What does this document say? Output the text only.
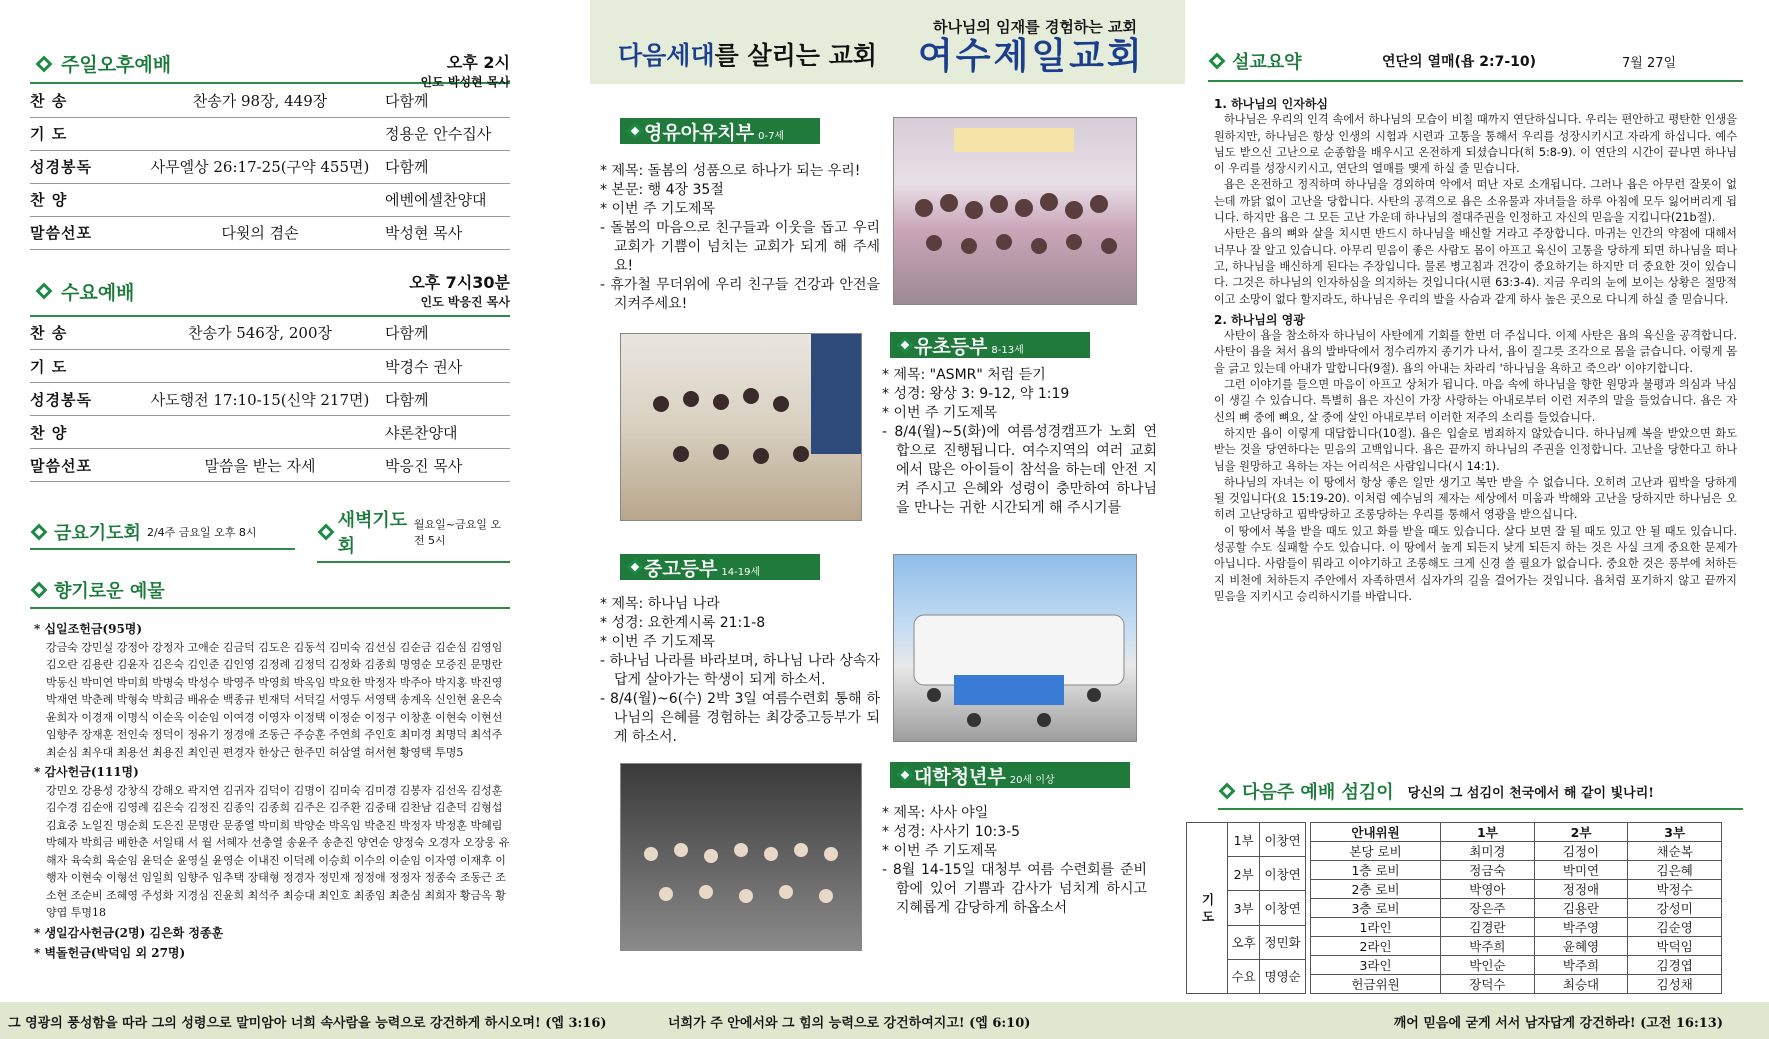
주일오후예배	오후 2시
인도 박성현 목사
찬 송	찬송가 98장, 449장	다함께
기 도		정용운 안수집사
성경봉독	사무엘상 26:17-25(구약 455면)	다함께
찬 양		에벤에셀찬양대
말씀선포	다윗의 겸손	박성현 목사
수요예배	오후 7시30분
인도 박응진 목사
찬 송	찬송가 546장, 200장	다함께
기 도		박경수 권사
성경봉독	사도행전 17:10-15(신약 217면)	다함께
찬 양		샤론찬양대
말씀선포	말씀을 받는 자세	박응진 목사
금요기도회 2/4주 금요일 오후 8시
새벽기도회
월요일~금요일 오전 5시
향기로운 예물
* 십일조헌금(95명)
강금숙 강민실 강정아 강정자 고애순 김금덕 김도은 김동석 김미숙 김선심 김순금 김순심 김영임 김오란 김용란 김윤자 김은숙 김인준 김인영 김정례 김정덕 김정화 김종희 명영순 모증진 문명란 박동신 박미연 박미희 박병숙 박성수 박영주 박영희 박옥임 박요한 박정자 박주아 박지홍 박진영 박재연 박춘례 박형숙 박희금 배유순 백종규 빈재덕 서덕길 서영두 서영택 송계옥 신인현 윤은숙 윤희자 이경재 이명식 이순옥 이순임 이여경 이영자 이정택 이정순 이정구 이창훈 이현숙 이현선 임향주 장재훈 전인숙 정덕이 정유기 정경애 조동근 주승훈 주연희 주인호 최미경 최명덕 최석주 최순심 최우대 최용선 최용진 최인권 편경자 한상근 한주민 허삼열 허서현 황영택 투명5
* 감사헌금(111명)
강민오 강용성 강창식 강해오 곽지연 김귀자 김덕이 김명이 김미숙 김미경 김봉자 김선옥 김성훈 김수경 김순애 김영례 김은숙 김정진 김종익 김종희 김주은 김주환 김중태 김찬남 김춘덕 김형섭 김효중 노일진 명순희 도은진 문명란 문종열 박미희 박양순 박옥임 박춘진 박정자 박정훈 박혜림 박혜자 박희금 배한춘 서일태 서 월 서혜자 선충열 송윤주 송춘진 양연순 양정숙 오경자 오장웅 유해자 육숙희 육순임 윤덕순 윤영실 윤영순 이내진 이덕례 이승희 이수의 이순임 이자영 이재후 이행자 이현숙 이형선 임일희 임향주 임추택 장태형 정경자 정민재 정정애 정정자 정종숙 조동근 조소현 조순비 조혜영 주성화 지경심 진윤희 최석주 최승대 최인호 최종임 최춘심 최희자 황금옥 황양엽 투명18
* 생일감사헌금(2명) 김은화 정종훈
* 벽돌헌금(박덕임 외 27명)
하나님의 임재를 경험하는 교회
다음세대를 살리는 교회 여수제일교회
영유아유치부 0-7세
* 제목: 돌봄의 성품으로 하나가 되는 우리!
* 본문: 행 4장 35절
* 이번 주 기도제목
- 돌봄의 마음으로 친구들과 이웃을 돕고 우리 교회가 기쁨이 넘치는 교회가 되게 해 주세요!
- 휴가철 무더위에 우리 친구들 건강과 안전을 지켜주세요!
유초등부 8-13세
* 제목: "ASMR" 처럼 듣기
* 성경: 왕상 3: 9-12, 약 1:19
* 이번 주 기도제목
- 8/4(월)~5(화)에 여름성경캠프가 노회 연합으로 진행됩니다. 여수지역의 여러 교회에서 많은 아이들이 참석을 하는데 안전 지켜 주시고 은혜와 성령이 충만하여 하나님을 만나는 귀한 시간되게 해 주시기를
중고등부 14-19세
* 제목: 하나님 나라
* 성경: 요한계시록 21:1-8
* 이번 주 기도제목
- 하나님 나라를 바라보며, 하나님 나라 상속자답게 살아가는 학생이 되게 하소서.
- 8/4(월)~6(수) 2박 3일 여름수련회 통해 하나님의 은혜를 경험하는 최강중고등부가 되게 하소서.
대학청년부 20세 이상
* 제목: 사사 야일
* 성경: 사사기 10:3-5
* 이번 주 기도제목
- 8월 14-15일 대청부 여름 수련회를 준비함에 있어 기쁨과 감사가 넘치게 하시고 지혜롭게 감당하게 하옵소서
설교요약	연단의 열매(욥 2:7-10)	7월 27일
1. 하나님의 인자하심

하나님은 우리의 인격 속에서 하나님의 모습이 비칠 때까지 연단하십니다. 우리는 편안하고 평탄한 인생을 원하지만, 하나님은 항상 인생의 시험과 시련과 고통을 통해서 우리를 성장시키시고 자라게 하십니다. 예수님도 받으신 고난으로 순종함을 배우시고 온전하게 되셨습니다(히 5:8-9). 이 연단의 시간이 끝나면 하나님이 우리를 성장시키시고, 연단의 열매를 맺게 하실 줄 믿습니다.

욥은 온전하고 정직하며 하나님을 경외하며 악에서 떠난 자로 소개됩니다. 그러나 욥은 아무런 잘못이 없는데 까닭 없이 고난을 당합니다. 사탄의 공격으로 욥은 소유물과 자녀들을 하루 아침에 모두 잃어버리게 됩니다. 하지만 욥은 그 모든 고난 가운데 하나님의 절대주권을 인정하고 자신의 믿음을 지킵니다(21b절).

사탄은 욥의 뼈와 살을 치시면 반드시 하나님을 배신할 거라고 주장합니다. 마귀는 인간의 약점에 대해서 너무나 잘 알고 있습니다. 아무리 믿음이 좋은 사람도 몸이 아프고 육신이 고통을 당하게 되면 하나님을 떠나고, 하나님을 배신하게 된다는 주장입니다. 물론 병고침과 건강이 중요하기는 하지만 더 중요한 것이 있습니다. 그것은 하나님의 인자하심을 의지하는 것입니다(시편 63:3-4). 지금 우리의 눈에 보이는 상황은 절망적이고 소망이 없다 할지라도, 하나님은 우리의 발을 사슴과 같게 하사 높은 곳으로 다니게 하실 줄 믿습니다.

2. 하나님의 영광

사탄이 욥을 참소하자 하나님이 사탄에게 기회를 한번 더 주십니다. 이제 사탄은 욥의 육신을 공격합니다. 사탄이 욥을 쳐서 욥의 발바닥에서 정수리까지 종기가 나서, 욥이 질그릇 조각으로 몸을 긁습니다. 이렇게 몸을 긁고 있는데 아내가 말합니다(9절). 욥의 아내는 차라리 '하나님을 욕하고 죽으라' 이야기합니다.

그런 이야기를 들으면 마음이 아프고 상처가 됩니다. 마음 속에 하나님을 향한 원망과 불평과 의심과 낙심이 생길 수 있습니다. 특별히 욥은 자신이 가장 사랑하는 아내로부터 이런 저주의 말을 들었습니다. 욥은 자신의 뼈 중에 뼈요, 살 중에 살인 아내로부터 이러한 저주의 소리를 들었습니다.

하지만 욥이 이렇게 대답합니다(10절). 욥은 입술로 범죄하지 않았습니다. 하나님께 복을 받았으면 화도 받는 것을 당연하다는 믿음의 고백입니다. 욥은 끝까지 하나님의 주권을 인정합니다. 고난을 당한다고 하나님을 원망하고 욕하는 자는 어리석은 사람입니다(시 14:1).

하나님의 자녀는 이 땅에서 항상 좋은 일만 생기고 복만 받을 수 없습니다. 오히려 고난과 핍박을 당하게 될 것입니다(요 15:19-20). 이처럼 예수님의 제자는 세상에서 미움과 박해와 고난을 당하지만 하나님은 오히려 고난당하고 핍박당하고 조롱당하는 우리를 통해서 영광을 받으십니다.

이 땅에서 복을 받을 때도 있고 화를 받을 때도 있습니다. 살다 보면 잘 될 때도 있고 안 될 때도 있습니다. 성공할 수도 실패할 수도 있습니다. 이 땅에서 높게 되든지 낮게 되든지 하는 것은 사실 크게 중요한 문제가 아닙니다. 사람들이 뭐라고 이야기하고 조롱해도 크게 신경 쓸 필요가 없습니다. 중요한 것은 풍부에 처하든지 비천에 처하든지 주안에서 자족하면서 십자가의 길을 걸어가는 것입니다. 욥처럼 포기하지 않고 끝까지 믿음을 지키시고 승리하시기를 바랍니다.

다음주 예배 섬김이 당신의 그 섬김이 천국에서 해 같이 빛나리!
기 도	1부	이창연
	2부	이창연
	3부	이창연
	오후	정민화
	수요	명영순
안내위원	1부	2부	3부
본당 로비	최미경	김정이	채순복
1층 로비	정금숙	박미연	김은혜
2층 로비	박영아	정정애	박정수
3층 로비	장은주	김용란	강성미
1라인	김경란	박주영	김순영
2라인	박주희	윤혜영	박덕임
3라인	박인순	박주희	김경엽
헌금위원	장덕수	최승대	김성채
그 영광의 풍성함을 따라 그의 성령으로 말미암아 너희 속사람을 능력으로 강건하게 하시오며! (엡 3:16)	너희가 주 안에서와 그 힘의 능력으로 강건하여지고! (엡 6:10)	깨어 믿음에 굳게 서서 남자답게 강건하라! (고전 16:13)
